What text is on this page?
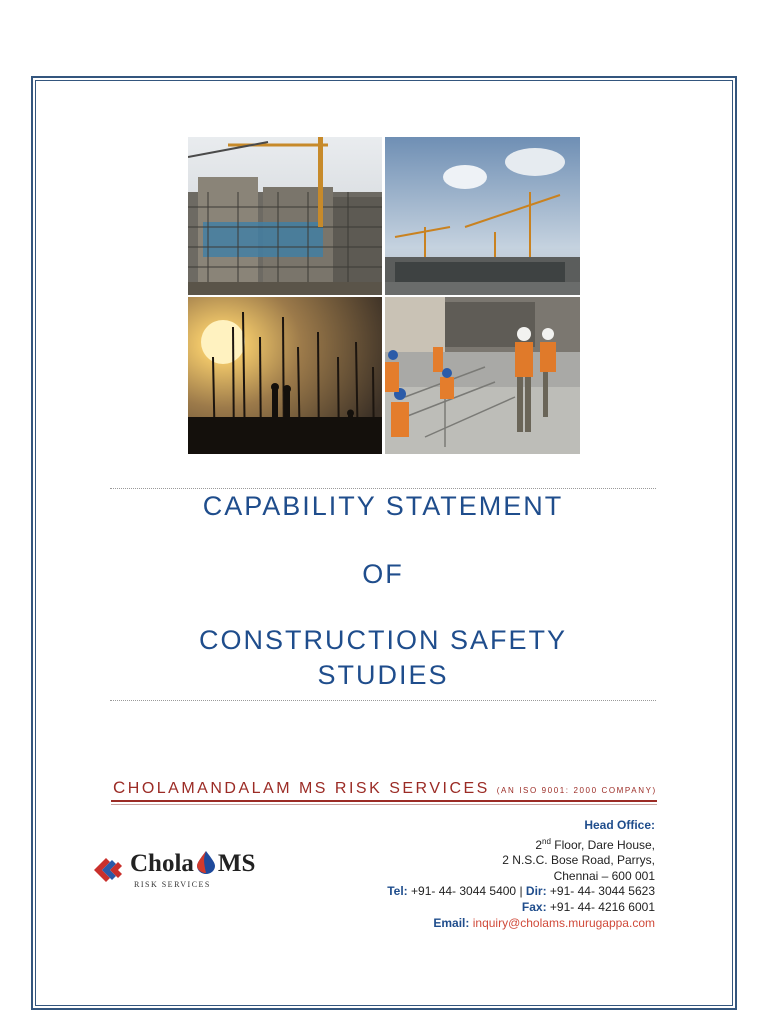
CAPABILITY STATEMENT
OF
CONSTRUCTION SAFETY
STUDIES
CHOLAMANDALAM MS RISK SERVICES (AN ISO 9001: 2000 COMPANY)
Head Office:
2nd Floor, Dare House,
2 N.S.C. Bose Road, Parrys,
Chennai – 600 001
Tel: +91- 44- 3044 5400 | Dir: +91- 44- 3044 5623
Fax: +91- 44- 4216 6001
Email: inquiry@cholams.murugappa.com
Chola MS
RISK SERVICES
